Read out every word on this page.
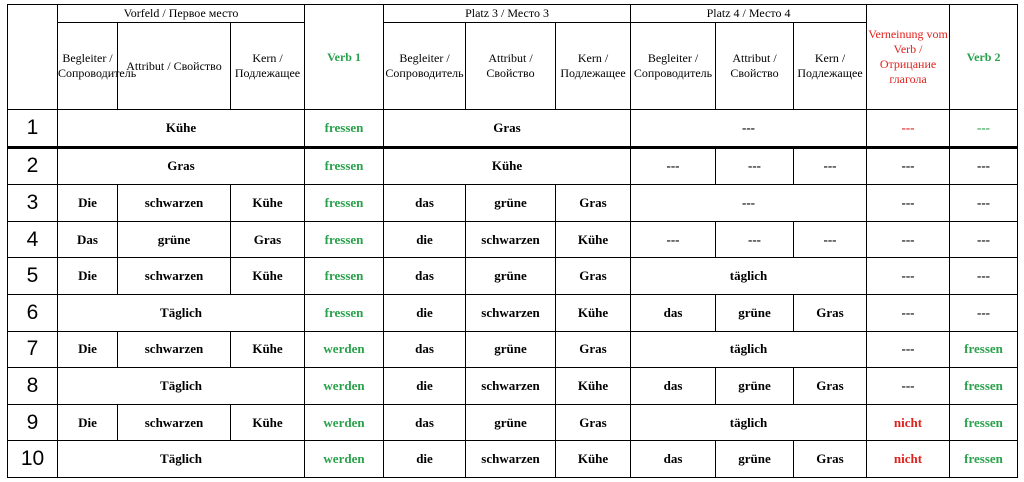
	Vorfeld / Первое место			Verb 1	Platz 3 / Место 3			Platz 4 / Место 4			Verneinung vom Verb / Отрицание глагола	Verb 2
	Begleiter / Сопроводитель	Attribut / Свойство	Kern / Подлежащее		Begleiter / Сопроводитель	Attribut / Свойство	Kern / Подлежащее	Begleiter / Сопроводитель	Attribut / Свойство	Kern / Подлежащее		
1	Kühe			fressen	Gras			---			---	---
2	Gras			fressen	Kühe			---	---	---	---	---
3	Die	schwarzen	Kühe	fressen	das	grüne	Gras	---			---	---
4	Das	grüne	Gras	fressen	die	schwarzen	Kühe	---	---	---	---	---
5	Die	schwarzen	Kühe	fressen	das	grüne	Gras	täglich			---	---
6	Täglich			fressen	die	schwarzen	Kühe	das	grüne	Gras	---	---
7	Die	schwarzen	Kühe	werden	das	grüne	Gras	täglich			---	fressen
8	Täglich			werden	die	schwarzen	Kühe	das	grüne	Gras	---	fressen
9	Die	schwarzen	Kühe	werden	das	grüne	Gras	täglich			nicht	fressen
10	Täglich			werden	die	schwarzen	Kühe	das	grüne	Gras	nicht	fressen
